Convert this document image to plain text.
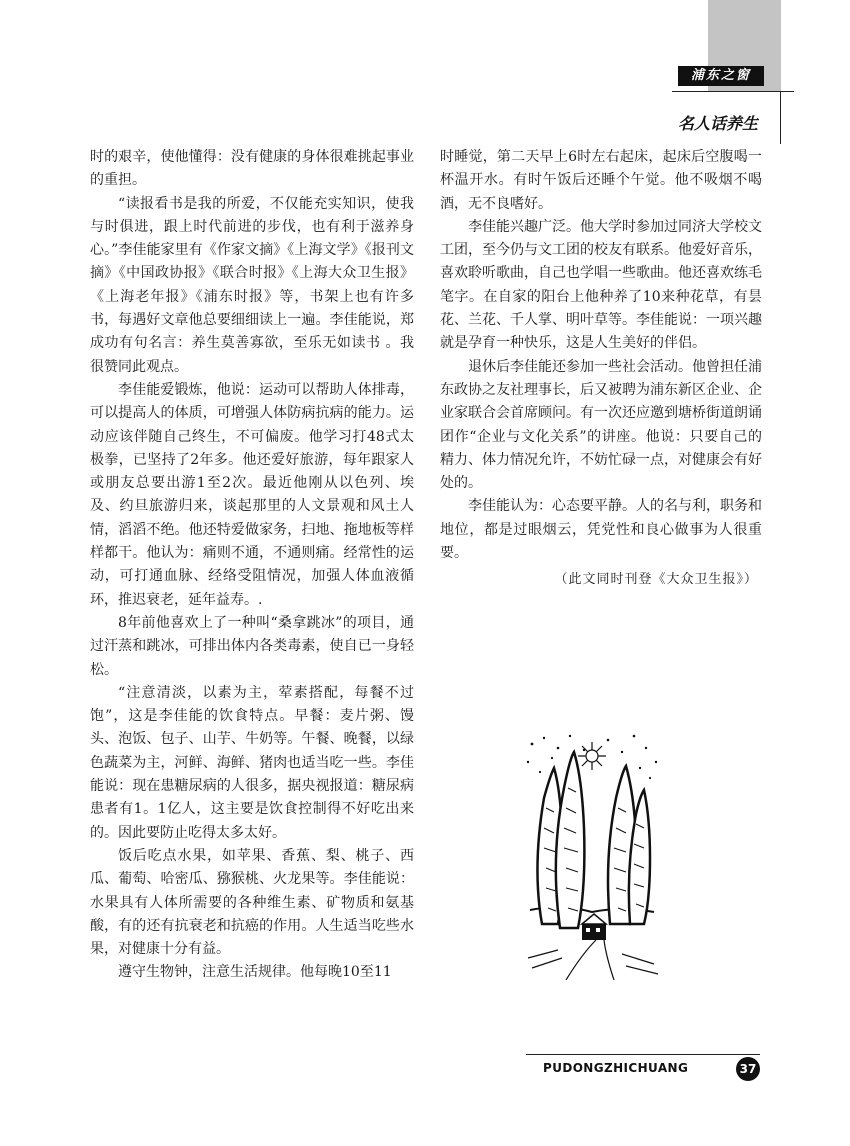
浦东之窗
名人话养生

时的艰辛，使他懂得：没有健康的身体很难挑起事业的重担。

“读报看书是我的所爱，不仅能充实知识，使我与时俱进，跟上时代前进的步伐，也有利于滋养身心。”李佳能家里有《作家文摘》《上海文学》《报刊文摘》《中国政协报》《联合时报》《上海大众卫生报》《上海老年报》《浦东时报》等，书架上也有许多书，每遇好文章他总要细细读上一遍。李佳能说，郑成功有句名言：养生莫善寡欲，至乐无如读书 。我很赞同此观点。

李佳能爱锻炼，他说：运动可以帮助人体排毒，可以提高人的体质，可增强人体防病抗病的能力。运动应该伴随自己终生，不可偏废。他学习打48式太极拳，已坚持了2年多。他还爱好旅游，每年跟家人或朋友总要出游1至2次。最近他刚从以色列、埃及、约旦旅游归来，谈起那里的人文景观和风土人情，滔滔不绝。他还特爱做家务，扫地、拖地板等样样都干。他认为：痛则不通，不通则痛。经常性的运动，可打通血脉、经络受阻情况，加强人体血液循环，推迟衰老，延年益寿。.

8年前他喜欢上了一种叫“桑拿跳冰”的项目，通过汗蒸和跳冰，可排出体内各类毒素，使自已一身轻松。

“注意清淡，以素为主，荤素搭配，每餐不过饱”，这是李佳能的饮食特点。早餐：麦片粥、馒头、泡饭、包子、山芋、牛奶等。午餐、晚餐，以绿色蔬菜为主，河鲜、海鲜、猪肉也适当吃一些。李佳能说：现在患糖尿病的人很多，据央视报道：糖尿病患者有1。1亿人，这主要是饮食控制得不好吃出来的。因此要防止吃得太多太好。

饭后吃点水果，如苹果、香蕉、梨、桃子、西瓜、葡萄、哈密瓜、猕猴桃、火龙果等。李佳能说：水果具有人体所需要的各种维生素、矿物质和氨基酸，有的还有抗衰老和抗癌的作用。人生适当吃些水果，对健康十分有益。

遵守生物钟，注意生活规律。他每晚10至11

时睡觉，第二天早上6时左右起床，起床后空腹喝一杯温开水。有时午饭后还睡个午觉。他不吸烟不喝酒，无不良嗜好。

李佳能兴趣广泛。他大学时参加过同济大学校文工团，至今仍与文工团的校友有联系。他爱好音乐，喜欢聆听歌曲，自己也学唱一些歌曲。他还喜欢练毛笔字。在自家的阳台上他种养了10来种花草，有昙花、兰花、千人掌、明叶草等。李佳能说：一项兴趣就是孕育一种快乐，这是人生美好的伴侣。

退休后李佳能还参加一些社会活动。他曾担任浦东政协之友社理事长，后又被聘为浦东新区企业、企业家联合会首席顾问。有一次还应邀到塘桥街道朗诵团作“企业与文化关系”的讲座。他说：只要自己的精力、体力情况允许，不妨忙碌一点，对健康会有好处的。

李佳能认为：心态要平静。人的名与利，职务和地位，都是过眼烟云，凭党性和良心做事为人很重要。

（此文同时刊登《大众卫生报》）

PUDONGZHICHUANG	37
